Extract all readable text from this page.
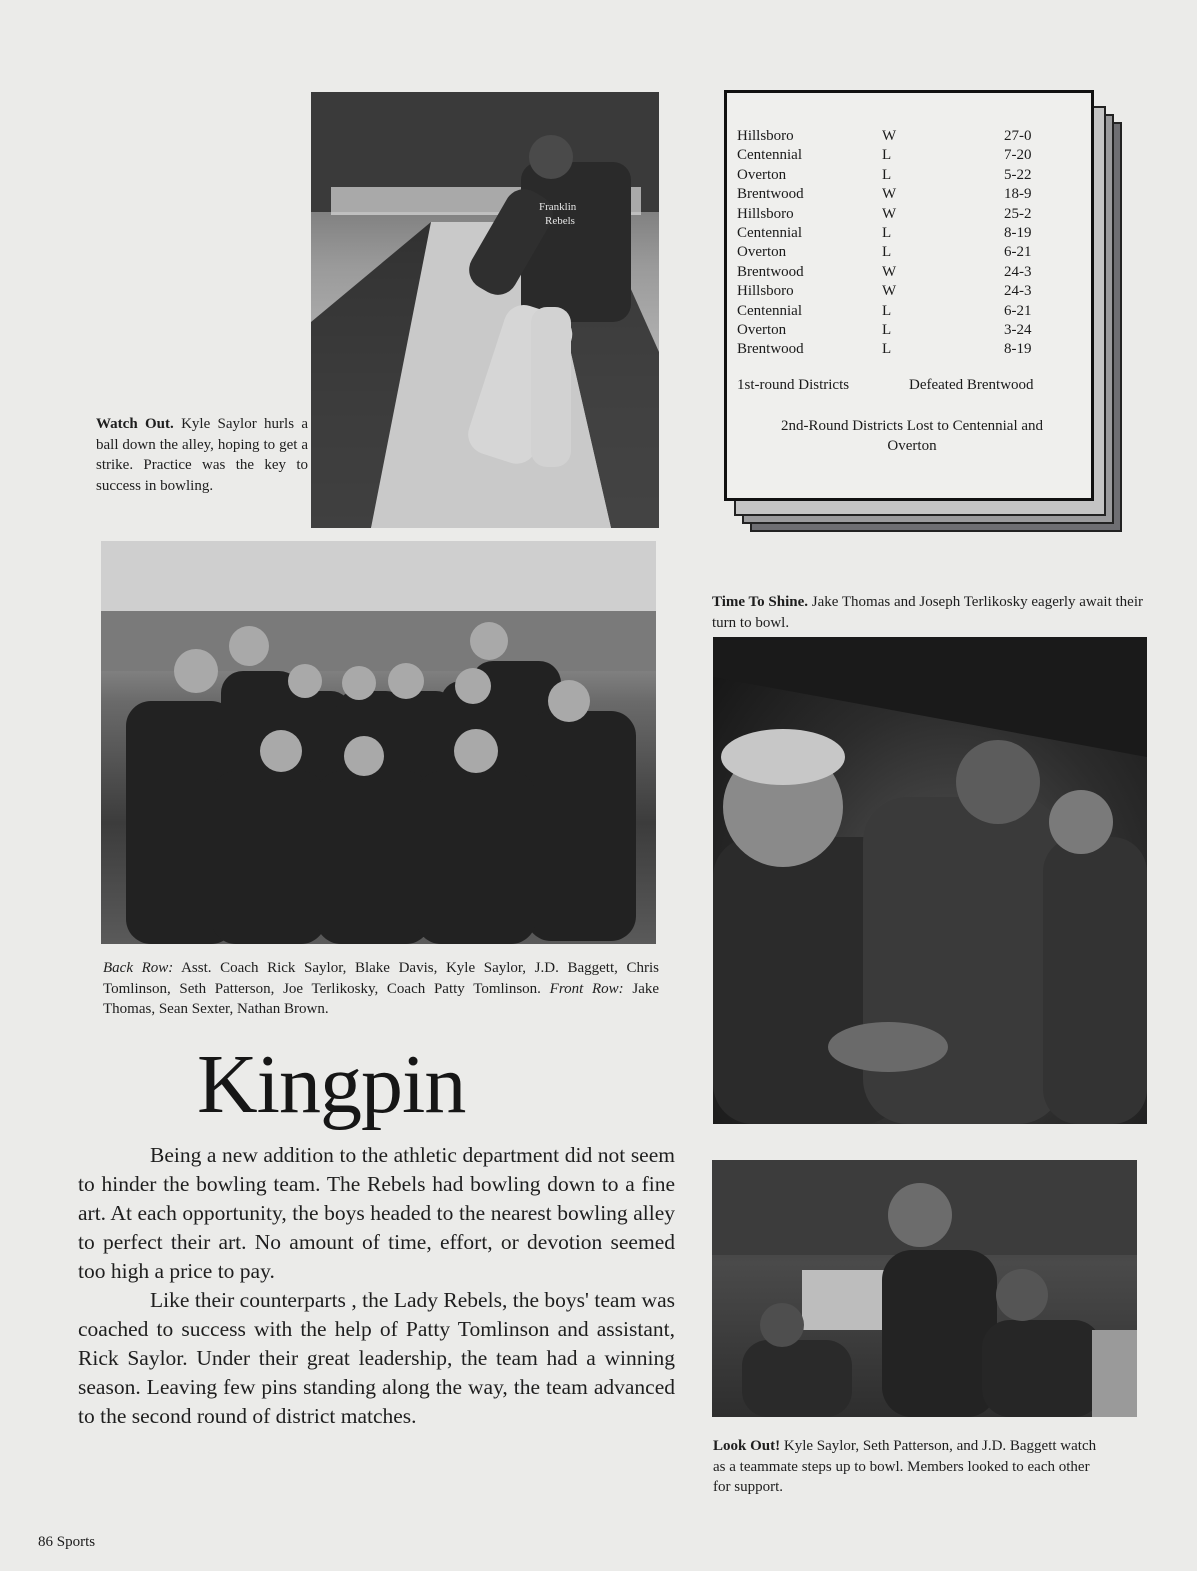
Franklin
Rebels
Watch Out. Kyle Saylor hurls a ball down the alley, hoping to get a strike. Practice was the key to success in bowling.
Hillsboro	W	27-0
Centennial	L	7-20
Overton	L	5-22
Brentwood	W	18-9
Hillsboro	W	25-2
Centennial	L	8-19
Overton	L	6-21
Brentwood	W	24-3
Hillsboro	W	24-3
Centennial	L	6-21
Overton	L	3-24
Brentwood	L	8-19
1st-round Districts	Defeated Brentwood
2nd-Round Districts Lost to Centennial and Overton
Time To Shine. Jake Thomas and Joseph Terlikosky eagerly await their turn to bowl.
Back Row: Asst. Coach Rick Saylor, Blake Davis, Kyle Saylor, J.D. Baggett, Chris Tomlinson, Seth Patterson, Joe Terlikosky, Coach Patty Tomlinson. Front Row: Jake Thomas, Sean Sexter, Nathan Brown.
Kingpin

Being a new addition to the athletic department did not seem to hinder the bowling team. The Rebels had bowling down to a fine art. At each opportunity, the boys headed to the nearest bowling alley to perfect their art. No amount of time, effort, or devotion seemed too high a price to pay.

Like their counterparts , the Lady Rebels, the boys' team was coached to success with the help of Patty Tomlinson and assistant, Rick Saylor. Under their great leadership, the team had a winning season. Leaving few pins standing along the way, the team advanced to the second round of district matches.

Look Out! Kyle Saylor, Seth Patterson, and J.D. Baggett watch as a teammate steps up to bowl. Members looked to each other for support.
86 Sports
